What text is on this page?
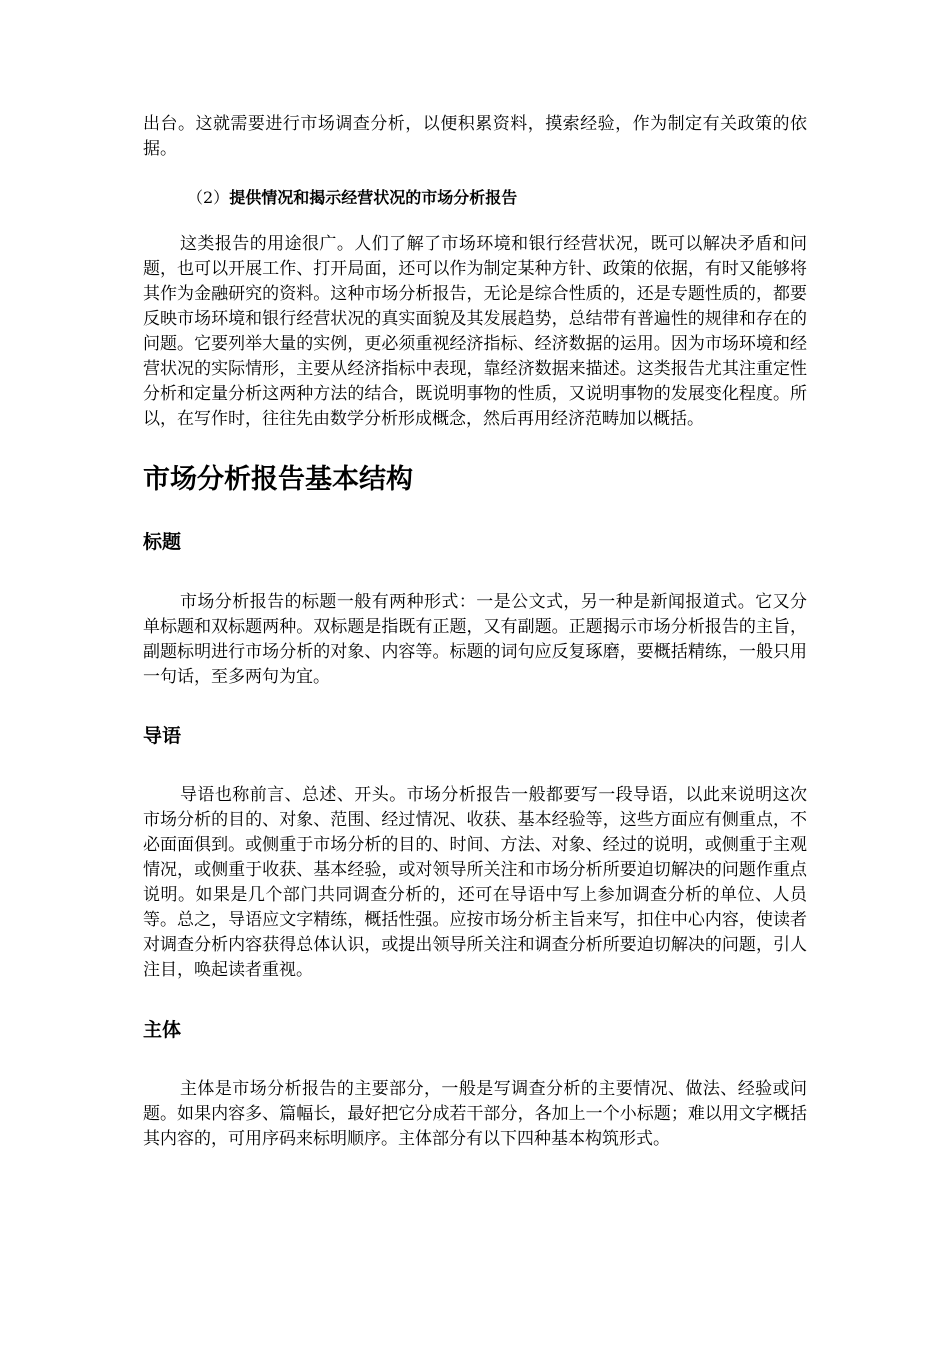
出台。这就需要进行市场调查分析，以便积累资料，摸索经验，作为制定有关政策的依据。

（2）提供情况和揭示经营状况的市场分析报告

这类报告的用途很广。人们了解了市场环境和银行经营状况，既可以解决矛盾和问题，也可以开展工作、打开局面，还可以作为制定某种方针、政策的依据，有时又能够将其作为金融研究的资料。这种市场分析报告，无论是综合性质的，还是专题性质的，都要反映市场环境和银行经营状况的真实面貌及其发展趋势，总结带有普遍性的规律和存在的问题。它要列举大量的实例，更必须重视经济指标、经济数据的运用。因为市场环境和经营状况的实际情形，主要从经济指标中表现，靠经济数据来描述。这类报告尤其注重定性分析和定量分析这两种方法的结合，既说明事物的性质，又说明事物的发展变化程度。所以，在写作时，往往先由数学分析形成概念，然后再用经济范畴加以概括。

市场分析报告基本结构
标题

市场分析报告的标题一般有两种形式：一是公文式，另一种是新闻报道式。它又分单标题和双标题两种。双标题是指既有正题，又有副题。正题揭示市场分析报告的主旨，副题标明进行市场分析的对象、内容等。标题的词句应反复琢磨，要概括精练，一般只用一句话，至多两句为宜。

导语

导语也称前言、总述、开头。市场分析报告一般都要写一段导语，以此来说明这次市场分析的目的、对象、范围、经过情况、收获、基本经验等，这些方面应有侧重点，不必面面俱到。或侧重于市场分析的目的、时间、方法、对象、经过的说明，或侧重于主观情况，或侧重于收获、基本经验，或对领导所关注和市场分析所要迫切解决的问题作重点说明。如果是几个部门共同调查分析的，还可在导语中写上参加调查分析的单位、人员等。总之，导语应文字精练，概括性强。应按市场分析主旨来写，扣住中心内容，使读者对调查分析内容获得总体认识，或提出领导所关注和调查分析所要迫切解决的问题，引人注目，唤起读者重视。

主体

主体是市场分析报告的主要部分，一般是写调查分析的主要情况、做法、经验或问题。如果内容多、篇幅长，最好把它分成若干部分，各加上一个小标题；难以用文字概括其内容的，可用序码来标明顺序。主体部分有以下四种基本构筑形式。
